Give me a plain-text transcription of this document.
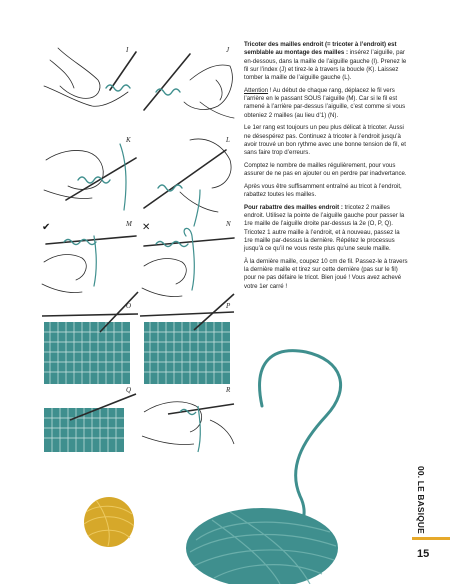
I	J
K	L
M	N
O	P
Q	R
✔	✕

Tricoter des mailles endroit (= tricoter à l’endroit) est semblable au montage des mailles : insérez l’aiguille, par en-dessous, dans la maille de l’aiguille gauche (I). Prenez le fil sur l’index (J) et tirez-le à travers la boucle (K). Laissez tomber la maille de l’aiguille gauche (L).

Attention ! Au début de chaque rang, déplacez le fil vers l’arrière en le passant SOUS l’aiguille (M). Car si le fil est ramené à l’arrière par-dessus l’aiguille, c’est comme si vous obteniez 2 mailles (au lieu d’1) (N).

Le 1er rang est toujours un peu plus délicat à tricoter. Aussi ne désespérez pas. Continuez à tricoter à l’endroit jusqu’à avoir trouvé un bon rythme avec une bonne tension de fil, et sans faire trop d’erreurs.

Comptez le nombre de mailles régulièrement, pour vous assurer de ne pas en ajouter ou en perdre par inadvertance.

Après vous être suffisamment entraîné au tricot à l’endroit, rabattez toutes les mailles.

Pour rabattre des mailles endroit : tricotez 2 mailles endroit. Utilisez la pointe de l’aiguille gauche pour passer la 1re maille de l’aiguille droite par-dessus la 2e (O, P, Q). Tricotez 1 autre maille à l’endroit, et à nouveau, passez la 1re maille par-dessus la dernière. Répétez le processus jusqu’à ce qu’il ne vous reste plus qu’une seule maille.

À la dernière maille, coupez 10 cm de fil. Passez-le à travers la dernière maille et tirez sur cette dernière (pas sur le fil) pour ne pas défaire le tricot. Bien joué ! Vous avez achevé votre 1er carré !

00. LE BASIQUE
15
